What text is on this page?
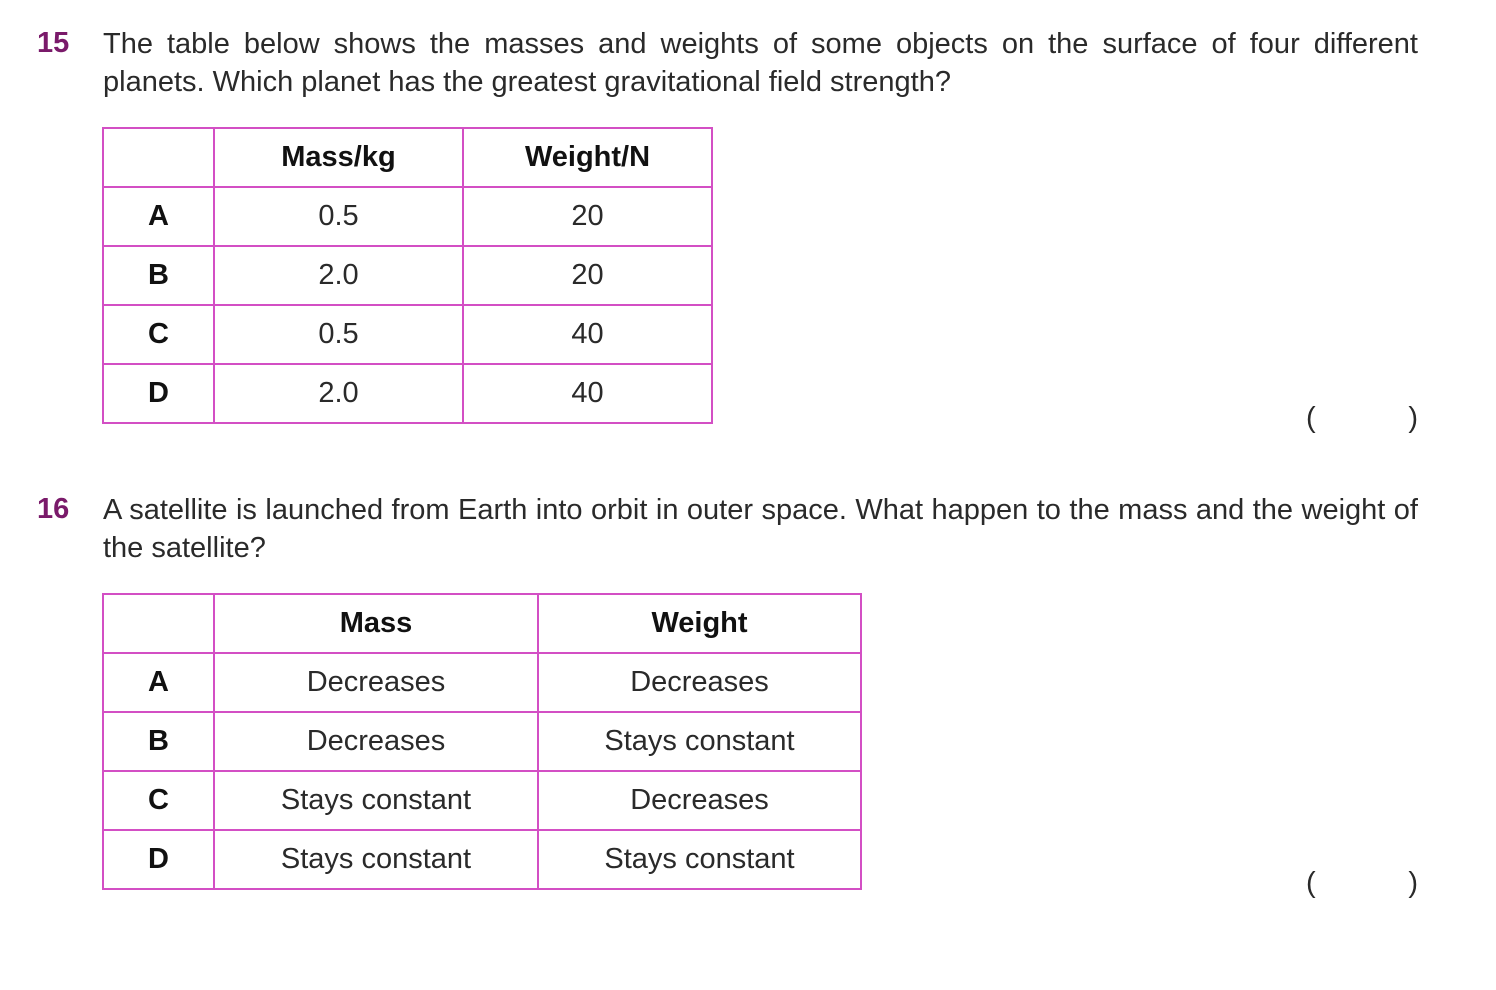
15 The table below shows the masses and weights of some objects on the surface of four different planets. Which planet has the greatest gravitational field strength?
	Mass/kg	Weight/N
A	0.5	20
B	2.0	20
C	0.5	40
D	2.0	40
(	)
16 A satellite is launched from Earth into orbit in outer space. What happen to the mass and the weight of the satellite?
	Mass	Weight
A	Decreases	Decreases
B	Decreases	Stays constant
C	Stays constant	Decreases
D	Stays constant	Stays constant
(	)
